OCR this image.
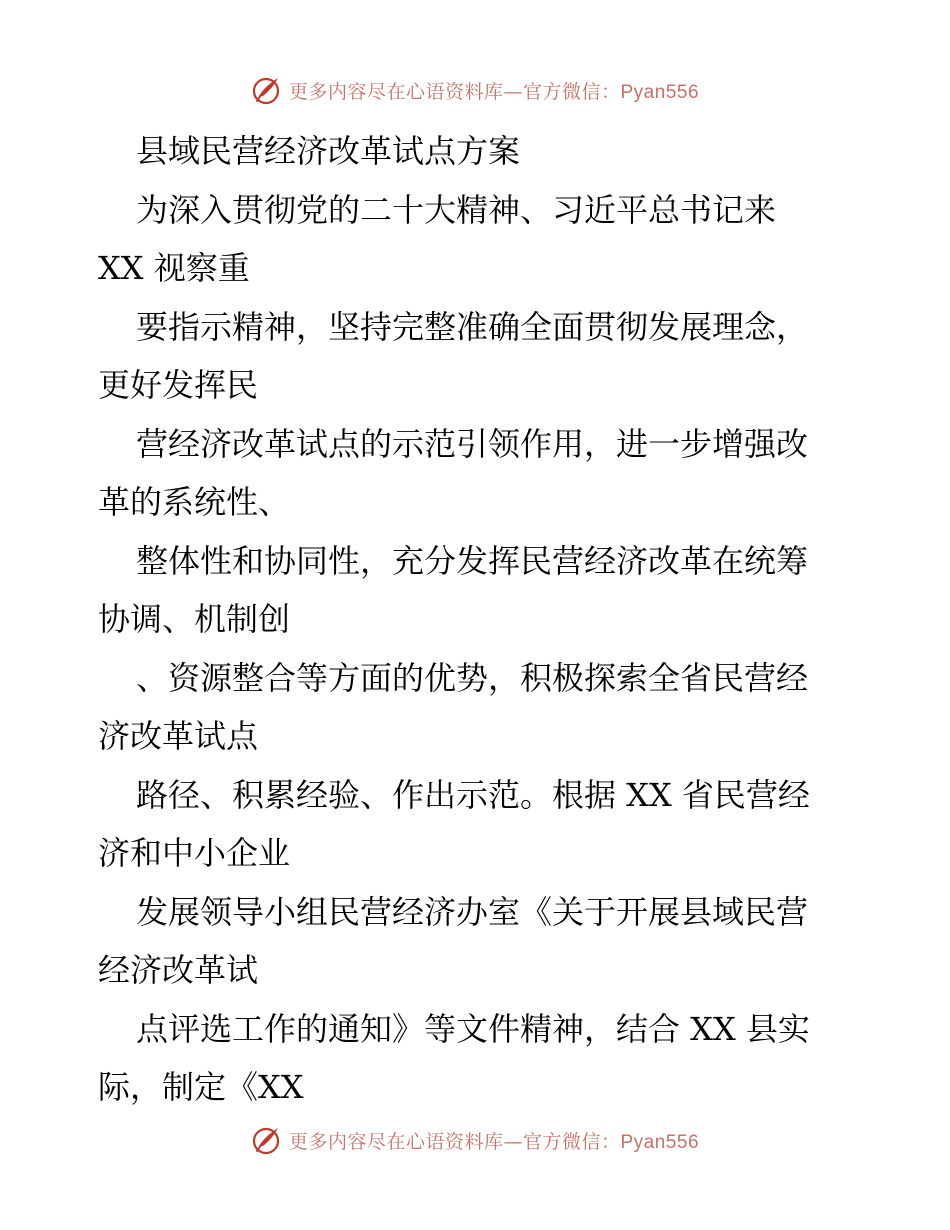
更多内容尽在心语资料库—官方微信：Pyan556
县域民营经济改革试点方案
为深入贯彻党的二十大精神、习近平总书记来
XX 视察重
要指示精神，坚持完整准确全面贯彻发展理念，
更好发挥民
营经济改革试点的示范引领作用，进一步增强改
革的系统性、
整体性和协同性，充分发挥民营经济改革在统筹
协调、机制创
、资源整合等方面的优势，积极探索全省民营经
济改革试点
路径、积累经验、作出示范。根据 XX 省民营经
济和中小企业
发展领导小组民营经济办室《关于开展县域民营
经济改革试
点评选工作的通知》等文件精神，结合 XX 县实
际，制定《XX
更多内容尽在心语资料库—官方微信：Pyan556
